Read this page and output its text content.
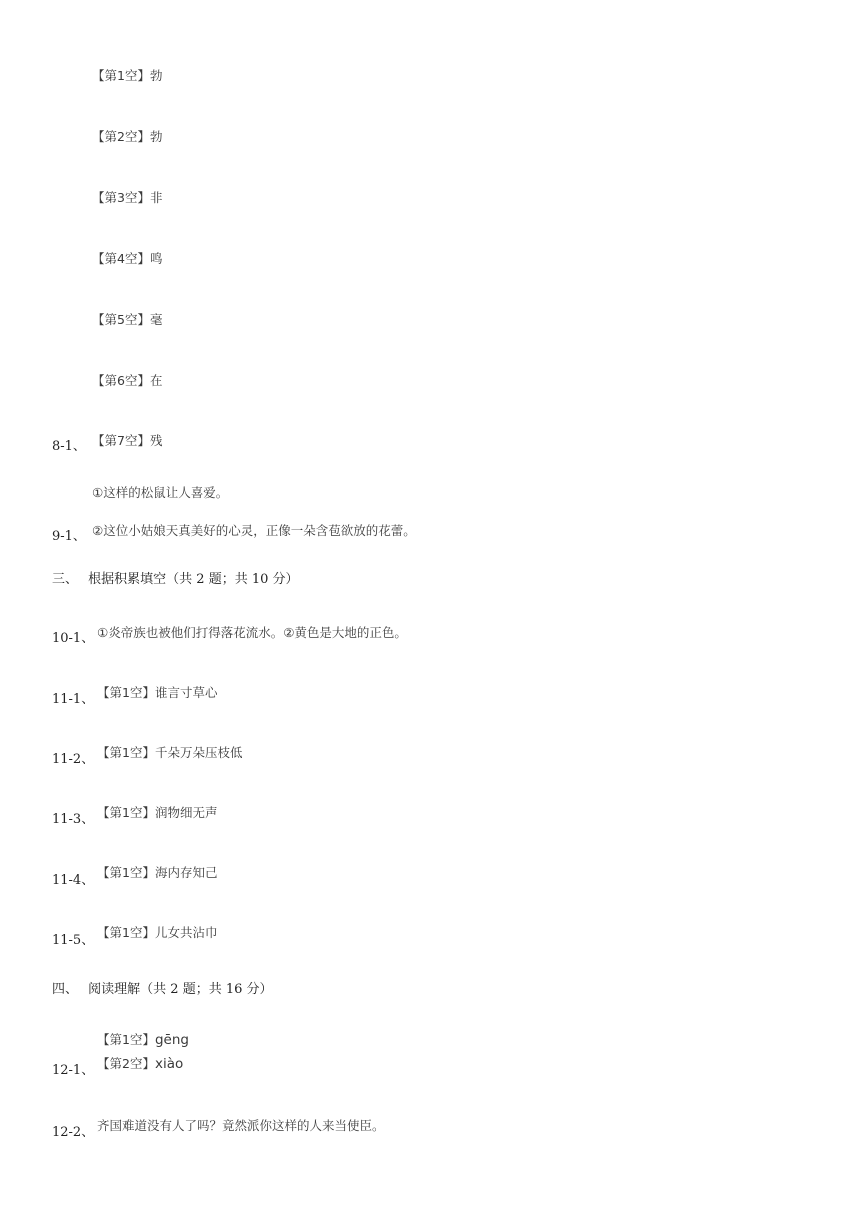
【第1空】勃
【第2空】勃
【第3空】非
【第4空】鸣
【第5空】毫
【第6空】在
8-1、 【第7空】残
①这样的松鼠让人喜爱。
9-1、 ②这位小姑娘天真美好的心灵，正像一朵含苞欲放的花蕾。
三、 根据积累填空（共 2 题；共 10 分）
10-1、 ①炎帝族也被他们打得落花流水。②黄色是大地的正色。
11-1、 【第1空】谁言寸草心
11-2、 【第1空】千朵万朵压枝低
11-3、 【第1空】润物细无声
11-4、
【第1空】海内存知己
11-5、
【第1空】儿女共沾巾
四、 阅读理解（共 2 题；共 16 分）
【第1空】gēng
12-1、 【第2空】xiào
12-2、 齐国难道没有人了吗？竟然派你这样的人来当使臣。
